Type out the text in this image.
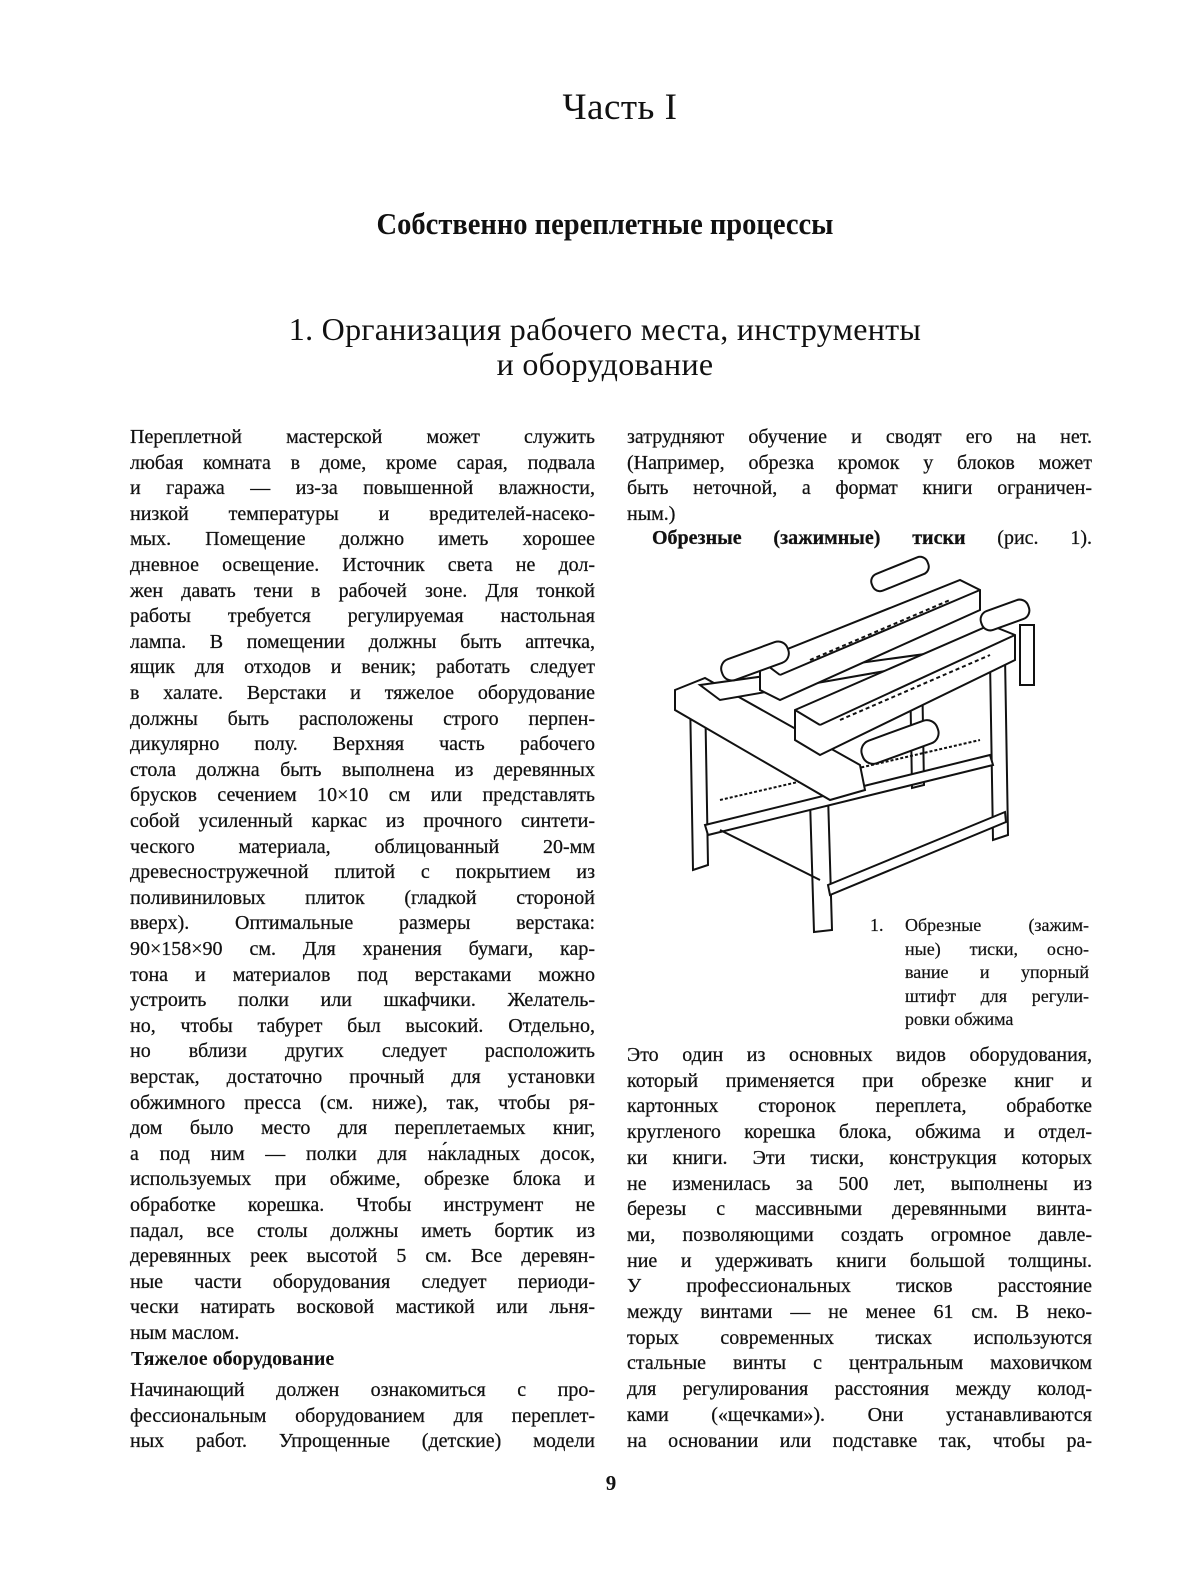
Часть I
Собственно переплетные процессы
1. Организация рабочего места, инструменты
и оборудование
Переплетной мастерской может служить
любая комната в доме, кроме сарая, подвала
и гаража — из-за повышенной влажности,
низкой температуры и вредителей-насеко-
мых. Помещение должно иметь хорошее
дневное освещение. Источник света не дол-
жен давать тени в рабочей зоне. Для тонкой
работы требуется регулируемая настольная
лампа. В помещении должны быть аптечка,
ящик для отходов и веник; работать следует
в халате. Верстаки и тяжелое оборудование
должны быть расположены строго перпен-
дикулярно полу. Верхняя часть рабочего
стола должна быть выполнена из деревянных
брусков сечением 10×10 см или представлять
собой усиленный каркас из прочного синтети-
ческого материала, облицованный 20-мм
древесностружечной плитой с покрытием из
поливиниловых плиток (гладкой стороной
вверх). Оптимальные размеры верстака:
90×158×90 см. Для хранения бумаги, кар-
тона и материалов под верстаками можно
устроить полки или шкафчики. Желатель-
но, чтобы табурет был высокий. Отдельно,
но вблизи других следует расположить
верстак, достаточно прочный для установки
обжимного пресса (см. ниже), так, чтобы ря-
дом было место для переплетаемых книг,
а под ним — полки для на́кладных досок,
используемых при обжиме, обрезке блока и
обработке корешка. Чтобы инструмент не
падал, все столы должны иметь бортик из
деревянных реек высотой 5 см. Все деревян-
ные части оборудования следует периоди-
чески натирать восковой мастикой или льня-
ным маслом.
Начинающий должен ознакомиться с про-
фессиональным оборудованием для переплет-
ных работ. Упрощенные (детские) модели
Тяжелое оборудование
затрудняют обучение и сводят его на нет.
(Например, обрезка кромок у блоков может
быть неточной, а формат книги ограничен-
ным.)
Это один из основных видов оборудования,
который применяется при обрезке книг и
картонных сторонок переплета, обработке
кругленого корешка блока, обжима и отдел-
ки книги. Эти тиски, конструкция которых
не изменилась за 500 лет, выполнены из
березы с массивными деревянными винта-
ми, позволяющими создать огромное давле-
ние и удерживать книги большой толщины.
У профессиональных тисков расстояние
между винтами — не менее 61 см. В неко-
торых современных тисках используются
стальные винты с центральным маховичком
для регулирования расстояния между колод-
ками («щечками»). Они устанавливаются
на основании или подставке так, чтобы ра-
Обрезные (зажимные) тиски (рис. 1).
1.	Обрезные (зажим-
ные) тиски, осно-
вание и упорный
штифт для регули-
ровки обжима
9
